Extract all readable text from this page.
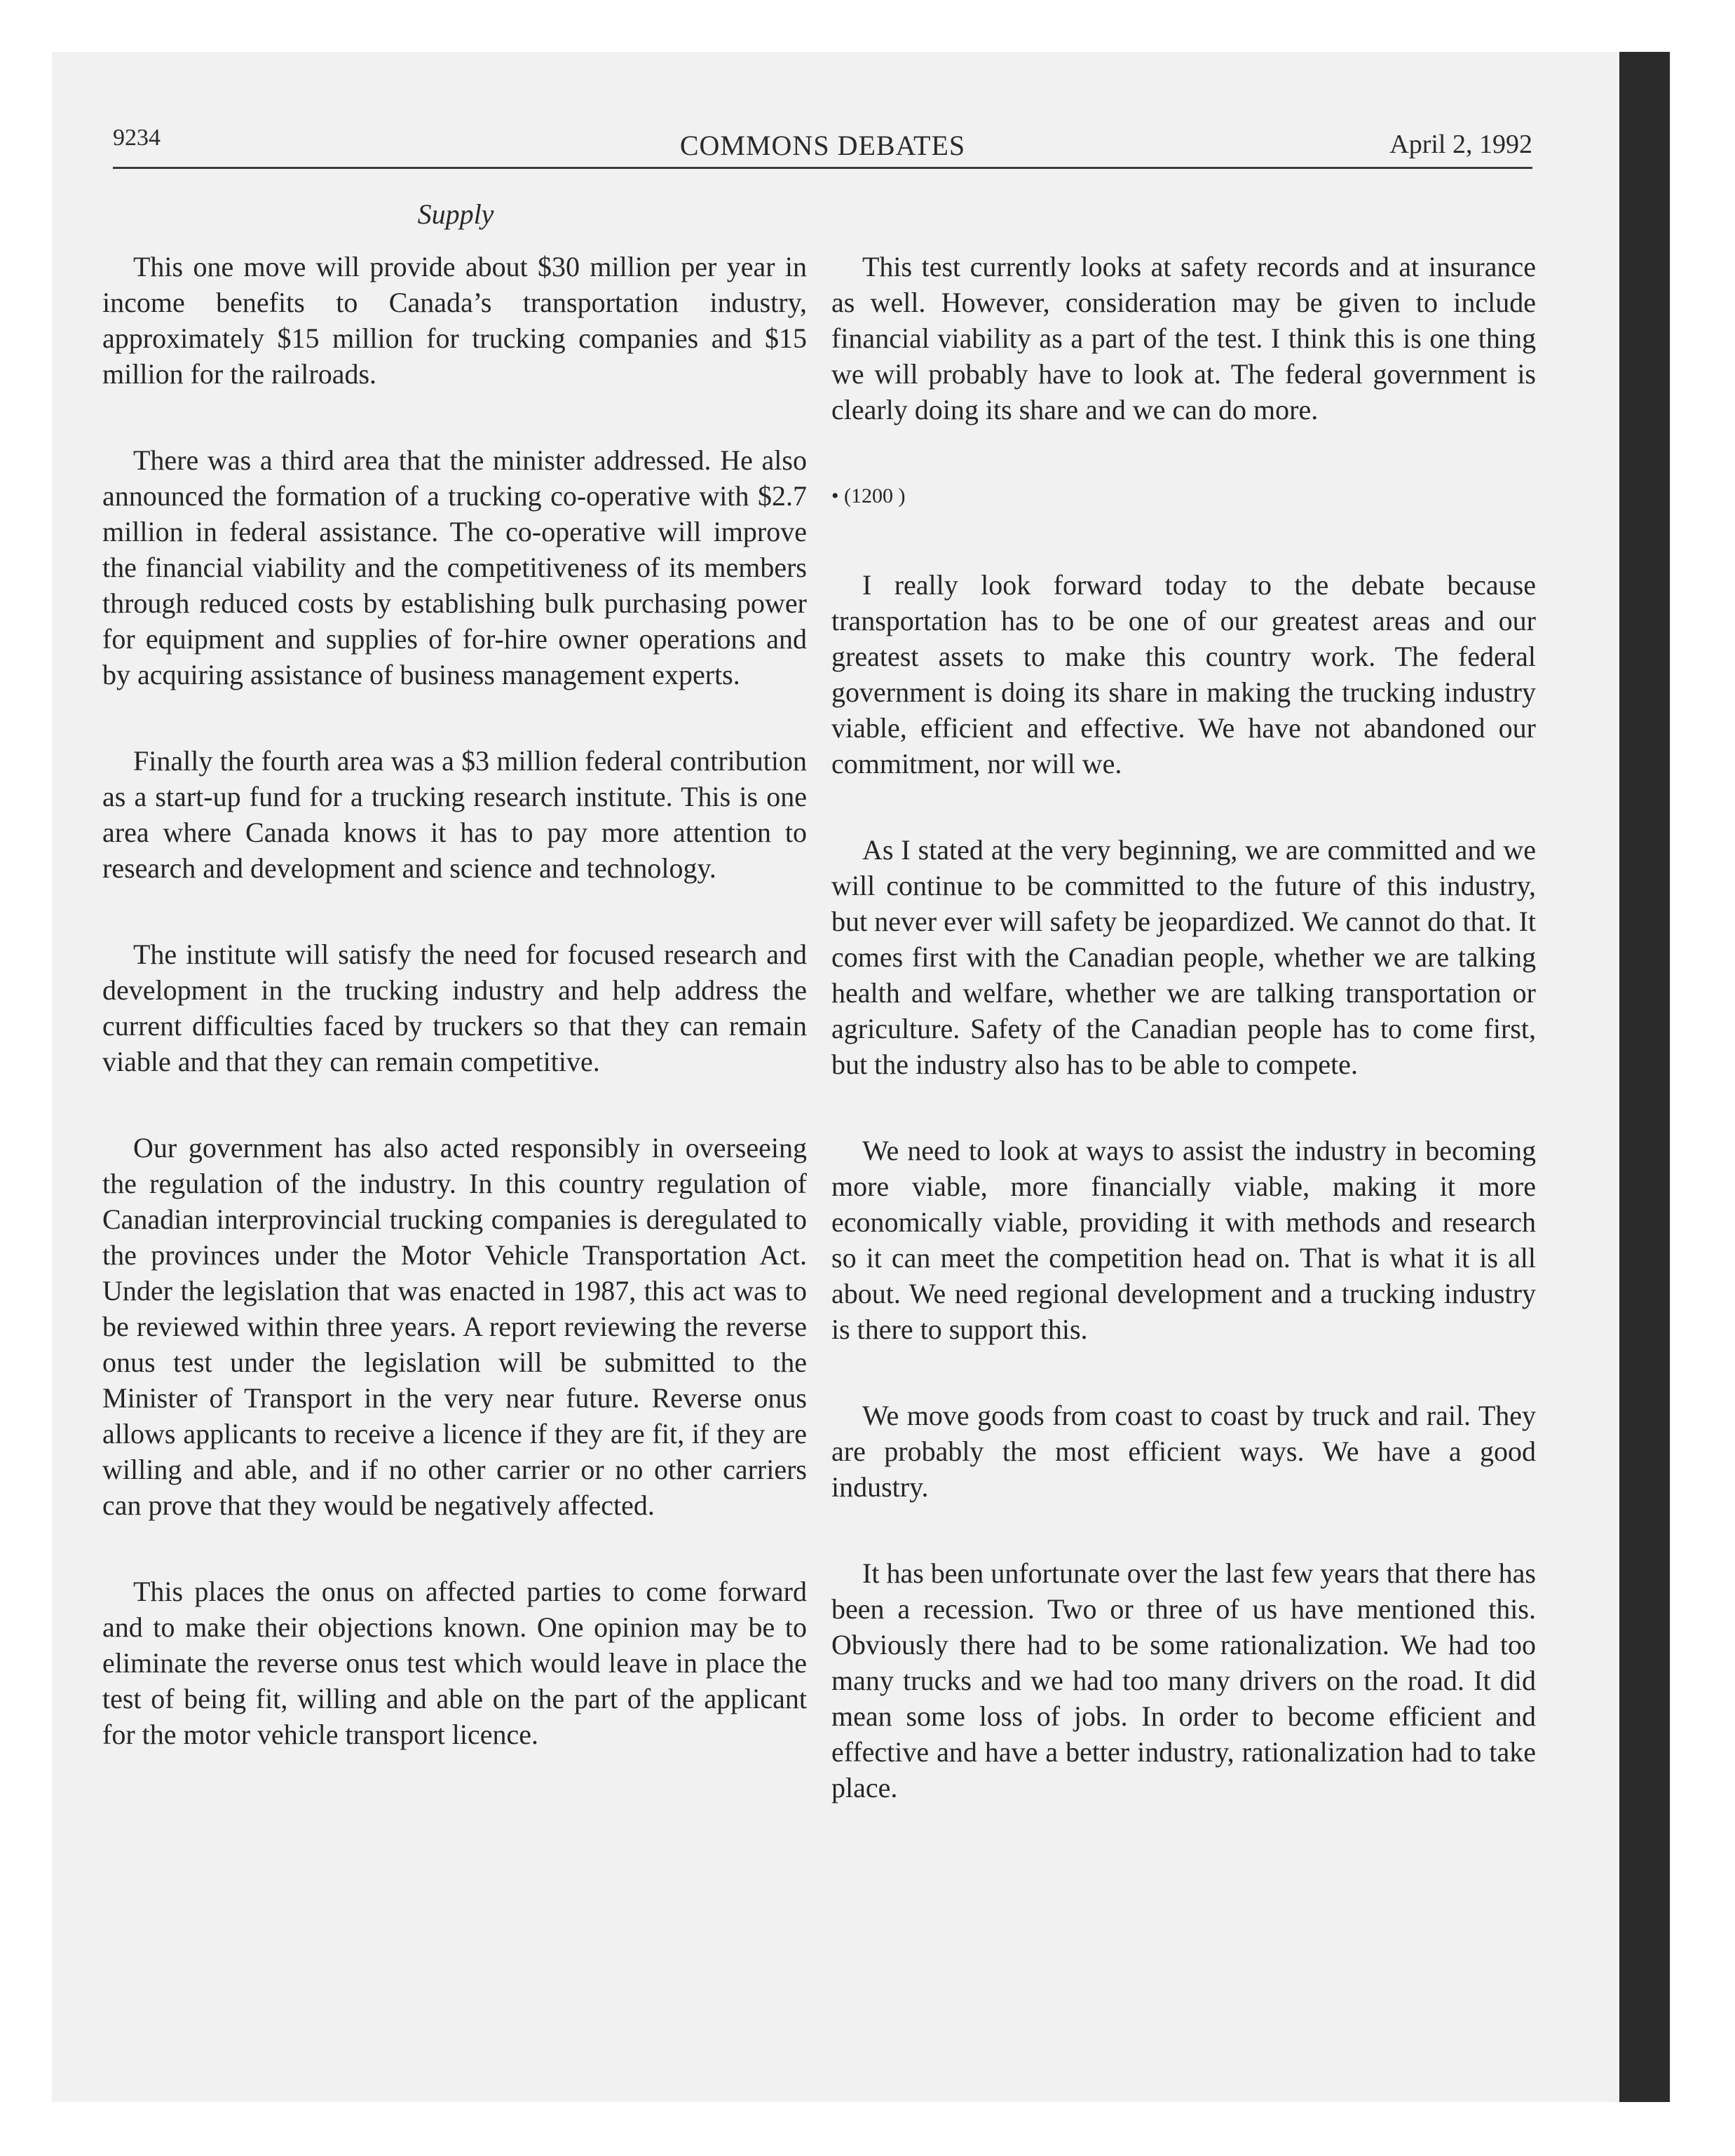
9234	COMMONS DEBATES	April 2, 1992
Supply

This one move will provide about $30 million per year in income benefits to Canada’s transportation industry, approximately $15 million for trucking companies and $15 million for the railroads.

There was a third area that the minister addressed. He also announced the formation of a trucking co-operative with $2.7 million in federal assistance. The co-operative will improve the financial viability and the competitiveness of its members through reduced costs by establishing bulk purchasing power for equipment and supplies of for-hire owner operations and by acquiring assistance of business management experts.

Finally the fourth area was a $3 million federal contribution as a start-up fund for a trucking research institute. This is one area where Canada knows it has to pay more attention to research and development and science and technology.

The institute will satisfy the need for focused research and development in the trucking industry and help address the current difficulties faced by truckers so that they can remain viable and that they can remain competitive.

Our government has also acted responsibly in overseeing the regulation of the industry. In this country regulation of Canadian interprovincial trucking companies is deregulated to the provinces under the Motor Vehicle Transportation Act. Under the legislation that was enacted in 1987, this act was to be reviewed within three years. A report reviewing the reverse onus test under the legislation will be submitted to the Minister of Transport in the very near future. Reverse onus allows applicants to receive a licence if they are fit, if they are willing and able, and if no other carrier or no other carriers can prove that they would be negatively affected.

This places the onus on affected parties to come forward and to make their objections known. One opinion may be to eliminate the reverse onus test which would leave in place the test of being fit, willing and able on the part of the applicant for the motor vehicle transport licence.

This test currently looks at safety records and at insurance as well. However, consideration may be given to include financial viability as a part of the test. I think this is one thing we will probably have to look at. The federal government is clearly doing its share and we can do more.

• (1200 )

I really look forward today to the debate because transportation has to be one of our greatest areas and our greatest assets to make this country work. The federal government is doing its share in making the trucking industry viable, efficient and effective. We have not abandoned our commitment, nor will we.

As I stated at the very beginning, we are committed and we will continue to be committed to the future of this industry, but never ever will safety be jeopardized. We cannot do that. It comes first with the Canadian people, whether we are talking health and welfare, whether we are talking transportation or agriculture. Safety of the Canadian people has to come first, but the industry also has to be able to compete.

We need to look at ways to assist the industry in becoming more viable, more financially viable, making it more economically viable, providing it with methods and research so it can meet the competition head on. That is what it is all about. We need regional development and a trucking industry is there to support this.

We move goods from coast to coast by truck and rail. They are probably the most efficient ways. We have a good industry.

It has been unfortunate over the last few years that there has been a recession. Two or three of us have mentioned this. Obviously there had to be some rationalization. We had too many trucks and we had too many drivers on the road. It did mean some loss of jobs. In order to become efficient and effective and have a better industry, rationalization had to take place.
